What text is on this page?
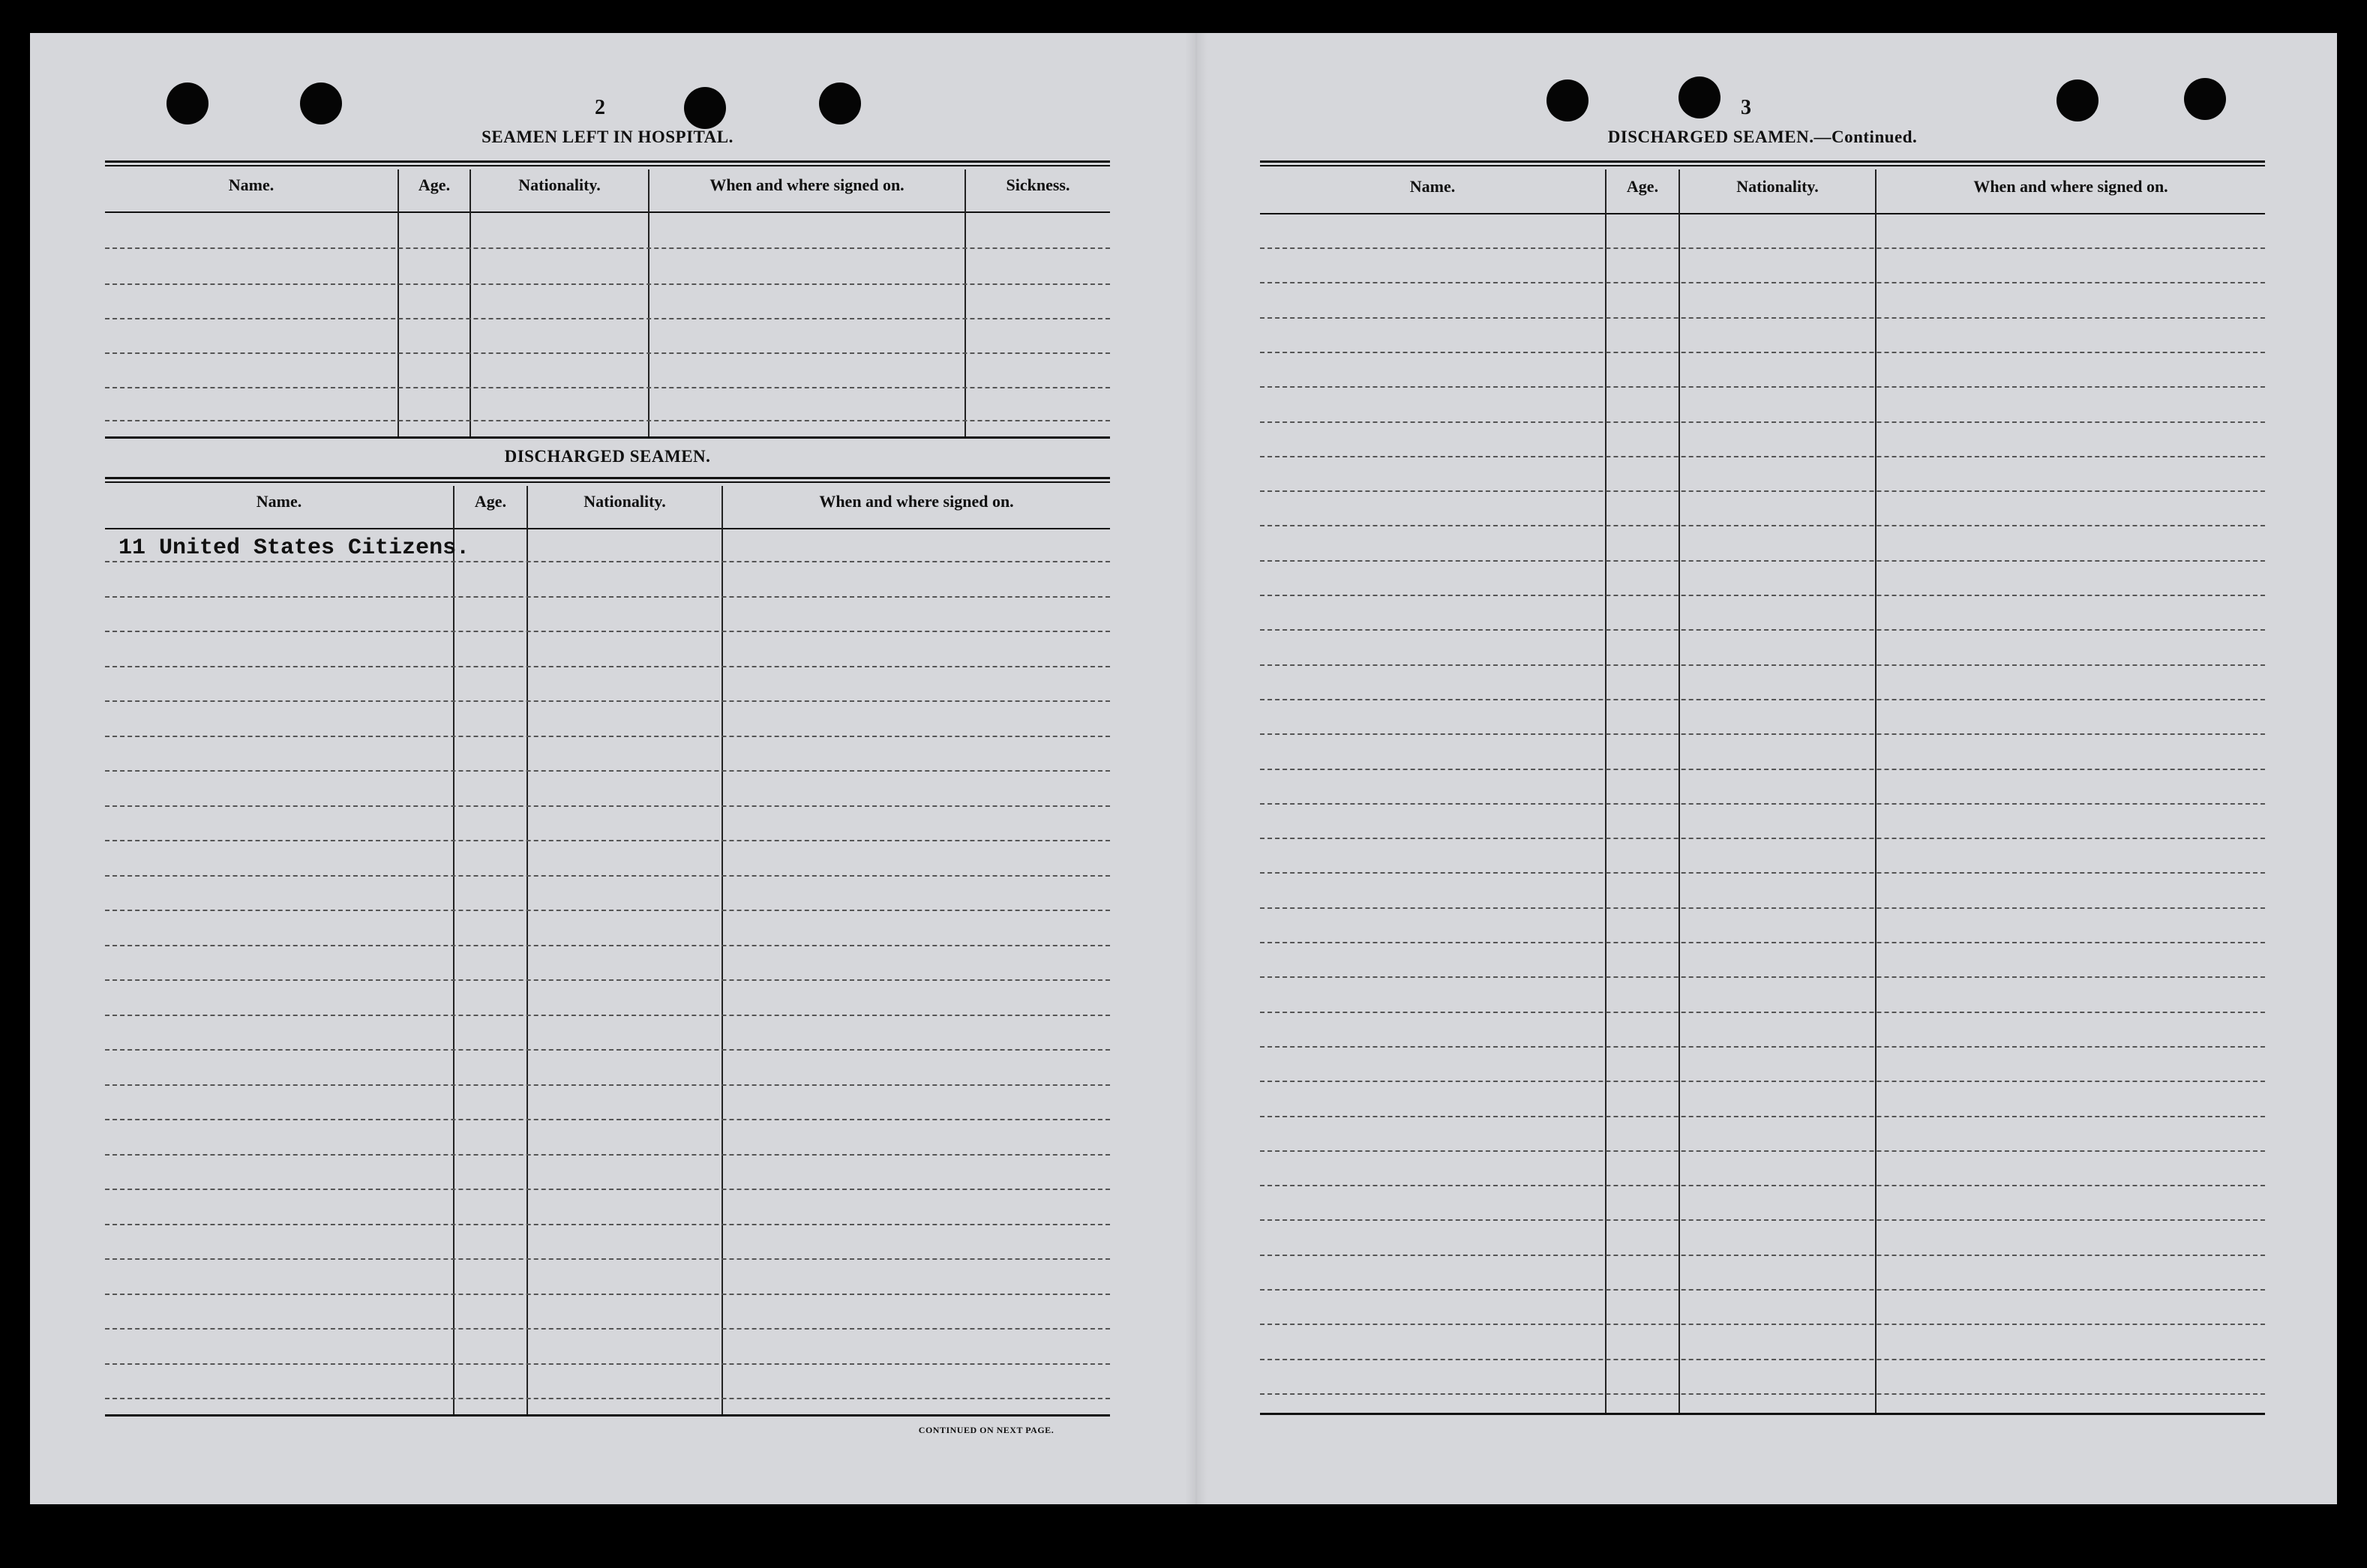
2
SEAMEN LEFT IN HOSPITAL.
Name.	Age.	Nationality.	When and where signed on.	Sickness.
DISCHARGED SEAMEN.
Name.	Age.	Nationality.	When and where signed on.
11 United States Citizens.
CONTINUED ON NEXT PAGE.
3
DISCHARGED SEAMEN.—Continued.
Name.	Age.	Nationality.	When and where signed on.
